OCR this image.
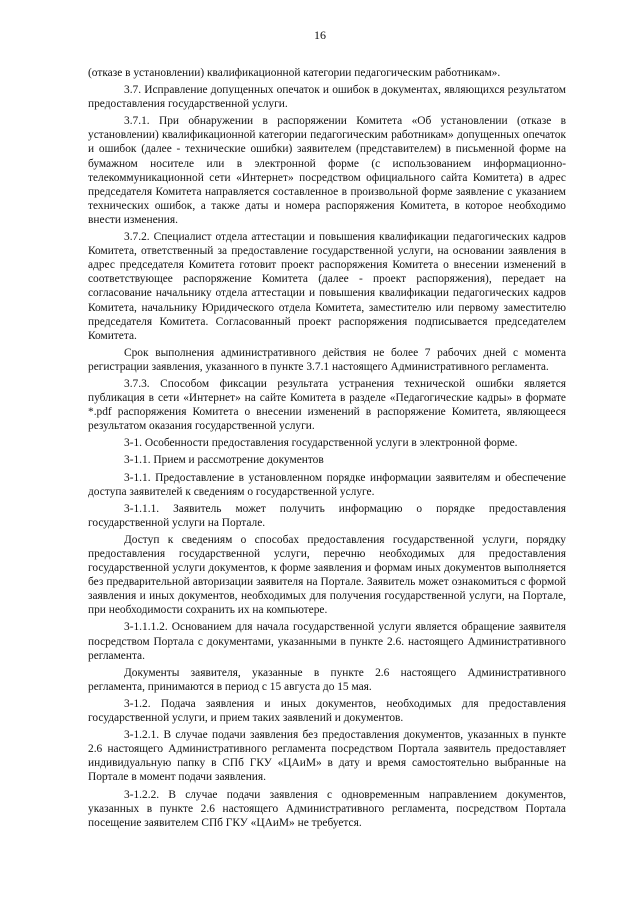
16

(отказе в установлении) квалификационной категории педагогическим работникам».

3.7. Исправление допущенных опечаток и ошибок в документах, являющихся результатом предоставления государственной услуги.

3.7.1. При обнаружении в распоряжении Комитета «Об установлении (отказе в установлении) квалификационной категории педагогическим работникам» допущенных опечаток и ошибок (далее - технические ошибки) заявителем (представителем) в письменной форме на бумажном носителе или в электронной форме (с использованием информационно-телекоммуникационной сети «Интернет» посредством официального сайта Комитета) в адрес председателя Комитета направляется составленное в произвольной форме заявление с указанием технических ошибок, а также даты и номера распоряжения Комитета, в которое необходимо внести изменения.

3.7.2. Специалист отдела аттестации и повышения квалификации педагогических кадров Комитета, ответственный за предоставление государственной услуги, на основании заявления в адрес председателя Комитета готовит проект распоряжения Комитета о внесении изменений в соответствующее распоряжение Комитета (далее - проект распоряжения), передает на согласование начальнику отдела аттестации и повышения квалификации педагогических кадров Комитета, начальнику Юридического отдела Комитета, заместителю или первому заместителю председателя Комитета. Согласованный проект распоряжения подписывается председателем Комитета.

Срок выполнения административного действия не более 7 рабочих дней с момента регистрации заявления, указанного в пункте 3.7.1 настоящего Административного регламента.

3.7.3. Способом фиксации результата устранения технической ошибки является публикация в сети «Интернет» на сайте Комитета в разделе «Педагогические кадры» в формате *.pdf распоряжения Комитета о внесении изменений в распоряжение Комитета, являющееся результатом оказания государственной услуги.

3-1. Особенности предоставления государственной услуги в электронной форме.

3-1.1. Прием и рассмотрение документов

3-1.1. Предоставление в установленном порядке информации заявителям и обеспечение доступа заявителей к сведениям о государственной услуге.

3-1.1.1. Заявитель может получить информацию о порядке предоставления государственной услуги на Портале.

Доступ к сведениям о способах предоставления государственной услуги, порядку предоставления государственной услуги, перечню необходимых для предоставления государственной услуги документов, к форме заявления и формам иных документов выполняется без предварительной авторизации заявителя на Портале. Заявитель может ознакомиться с формой заявления и иных документов, необходимых для получения государственной услуги, на Портале, при необходимости сохранить их на компьютере.

3-1.1.1.2. Основанием для начала государственной услуги является обращение заявителя посредством Портала с документами, указанными в пункте 2.6. настоящего Административного регламента.

Документы заявителя, указанные в пункте 2.6 настоящего Административного регламента, принимаются в период с 15 августа до 15 мая.

3-1.2. Подача заявления и иных документов, необходимых для предоставления государственной услуги, и прием таких заявлений и документов.

3-1.2.1. В случае подачи заявления без предоставления документов, указанных в пункте 2.6 настоящего Административного регламента посредством Портала заявитель предоставляет индивидуальную папку в СПб ГКУ «ЦАиМ» в дату и время самостоятельно выбранные на Портале в момент подачи заявления.

3-1.2.2. В случае подачи заявления с одновременным направлением документов, указанных в пункте 2.6 настоящего Административного регламента, посредством Портала посещение заявителем СПб ГКУ «ЦАиМ» не требуется.
